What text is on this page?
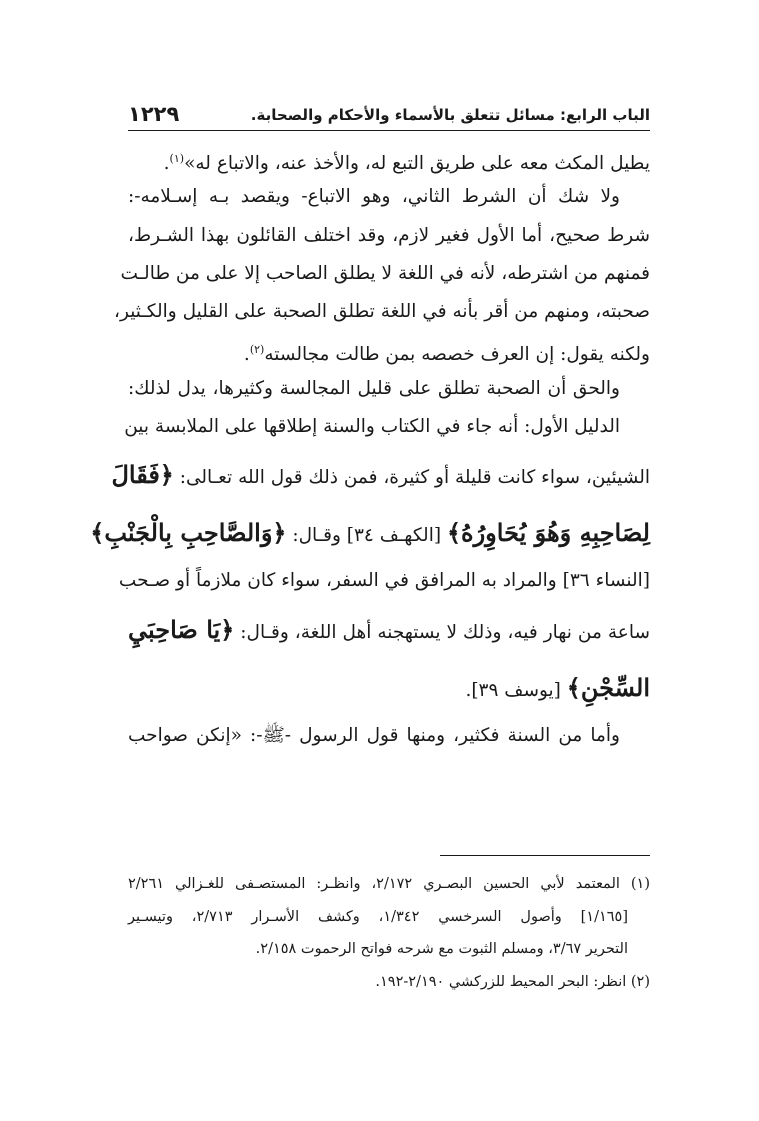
١٢٢٩	الباب الرابع: مسائل تتعلق بالأسماء والأحكام والصحابة.
يطيل المكث معه على طريق التبع له، والأخذ عنه، والاتباع له»$^{(١)}$.
ولا شك أن الشرط الثاني، وهو الاتباع- ويقصد بـه إسـلامه-:
شرط صحيح، أما الأول فغير لازم، وقد اختلف القائلون بهذا الشـرط،
فمنهم من اشترطه، لأنه في اللغة لا يطلق الصاحب إلا على من طالـت
صحبته، ومنهم من أقر بأنه في اللغة تطلق الصحبة على القليل والكـثير،
ولكنه يقول: إن العرف خصصه بمن طالت مجالسته$^{(٢)}$.
والحق أن الصحبة تطلق على قليل المجالسة وكثيرها، يدل لذلك:
الدليل الأول: أنه جاء في الكتاب والسنة إطلاقها على الملابسة بين
الشيئين، سواء كانت قليلة أو كثيرة، فمن ذلك قول الله تعـالى: ﴿فَقَالَ
لِصَاحِبِهِ وَهُوَ يُحَاوِرُهُ﴾ [الكهـف ٣٤] وقـال: ﴿وَالصَّاحِبِ بِالْجَنْبِ﴾
[النساء ٣٦] والمراد به المرافق في السفر، سواء كان ملازماً أو صـحب
ساعة من نهار فيه، وذلك لا يستهجنه أهل اللغة، وقـال: ﴿يَا صَاحِبَيِ
السِّجْنِ﴾ [يوسف ٣٩].
وأما من السنة فكثير، ومنها قول الرسول -ﷺ-: «إنكن صواحب
(١) المعتمد لأبي الحسين البصـري ٢/١٧٢، وانظـر: المستصـفى للغـزالي ٢/٢٦١
[١/١٦٥] وأصول السرخسي ١/٣٤٢، وكشف الأسـرار ٢/٧١٣، وتيسـير
التحرير ٣/٦٧، ومسلم الثبوت مع شرحه فواتح الرحموت ٢/١٥٨.
(٢) انظر: البحر المحيط للزركشي ٢/١٩٠-١٩٢.
